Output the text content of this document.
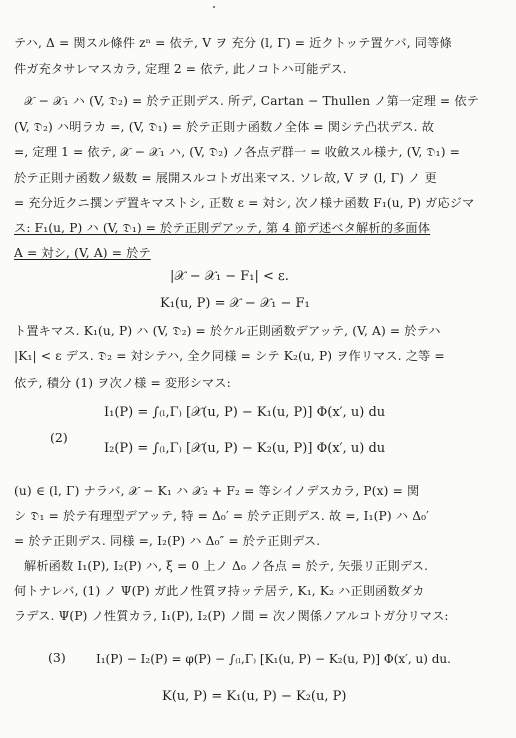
テハ, Δ = 関スル條件 zⁿ = 依テ, V ヲ 充分 (l, Γ) = 近クトッテ置ケバ, 同等條
件ガ充タサレマスカラ, 定理 2 = 依テ, 此ノコトハ可能デス.
𝒳 − 𝒳₁ ハ (V, 𝔇₂) = 於テ正則デス. 所デ, Cartan − Thullen ノ第一定理 = 依テ
(V, 𝔇₂) ハ明ラカ =, (V, 𝔇₁) = 於テ正則ナ函数ノ全体 = 関シテ凸状デス. 故
=, 定理 1 = 依テ, 𝒳 − 𝒳₁ ハ, (V, 𝔇₂) ノ各点デ群一 = 收斂スル様ナ, (V, 𝔇₁) =
於テ正則ナ函数ノ級数 = 展開スルコトガ出来マス. ソレ故, V ヲ (l, Γ) ノ 更
= 充分近クニ撰ンデ置キマストシ, 正数 ε = 対シ, 次ノ様ナ函数 F₁(u, P) ガ応ジマ
ス: F₁(u, P) ハ (V, 𝔇₁) = 於テ正則デアッテ, 第 4 節デ述ベタ解析的多面体
A = 対シ, (V, A) = 於テ
|𝒳 − 𝒳₁ − F₁| < ε.
K₁(u, P) = 𝒳 − 𝒳₁ − F₁
ト置キマス. K₁(u, P) ハ (V, 𝔇₂) = 於ケル正則函数デアッテ, (V, A) = 於テハ
|K₁| < ε デス. 𝔇₂ = 対シテハ, 全ク同様 = シテ K₂(u, P) ヲ作リマス. 之等 =
依テ, 積分 (1) ヲ次ノ様 = 変形シマス:
(2)
I₁(P) = ∫₍ₗ,Γ₎ [𝒳(u, P) − K₁(u, P)] Φ(x′, u) du
I₂(P) = ∫₍ₗ,Γ₎ [𝒳(u, P) − K₂(u, P)] Φ(x′, u) du
(u) ∈ (l, Γ) ナラバ, 𝒳 − K₁ ハ 𝒳₂ + F₂ = 等シイノデスカラ, P(x) = 関
シ 𝔇₁ = 於テ有理型デアッテ, 特 = Δ₀′ = 於テ正則デス. 故 =, I₁(P) ハ Δ₀′
= 於テ正則デス. 同様 =, I₂(P) ハ Δ₀″ = 於テ正則デス.
解析函数 I₁(P), I₂(P) ハ, ξ = 0 上ノ Δ₀ ノ各点 = 於テ, 矢張リ正則デス.
何トナレバ, (1) ノ Ψ(P) ガ此ノ性質ヲ持ッテ居テ, K₁, K₂ ハ正則函数ダカ
ラデス. Ψ(P) ノ性質カラ, I₁(P), I₂(P) ノ間 = 次ノ関係ノアルコトガ分リマス:
(3)	I₁(P) − I₂(P) = φ(P) − ∫₍ₗ,Γ₎ [K₁(u, P) − K₂(u, P)] Φ(x′, u) du.
K(u, P) = K₁(u, P) − K₂(u, P)
